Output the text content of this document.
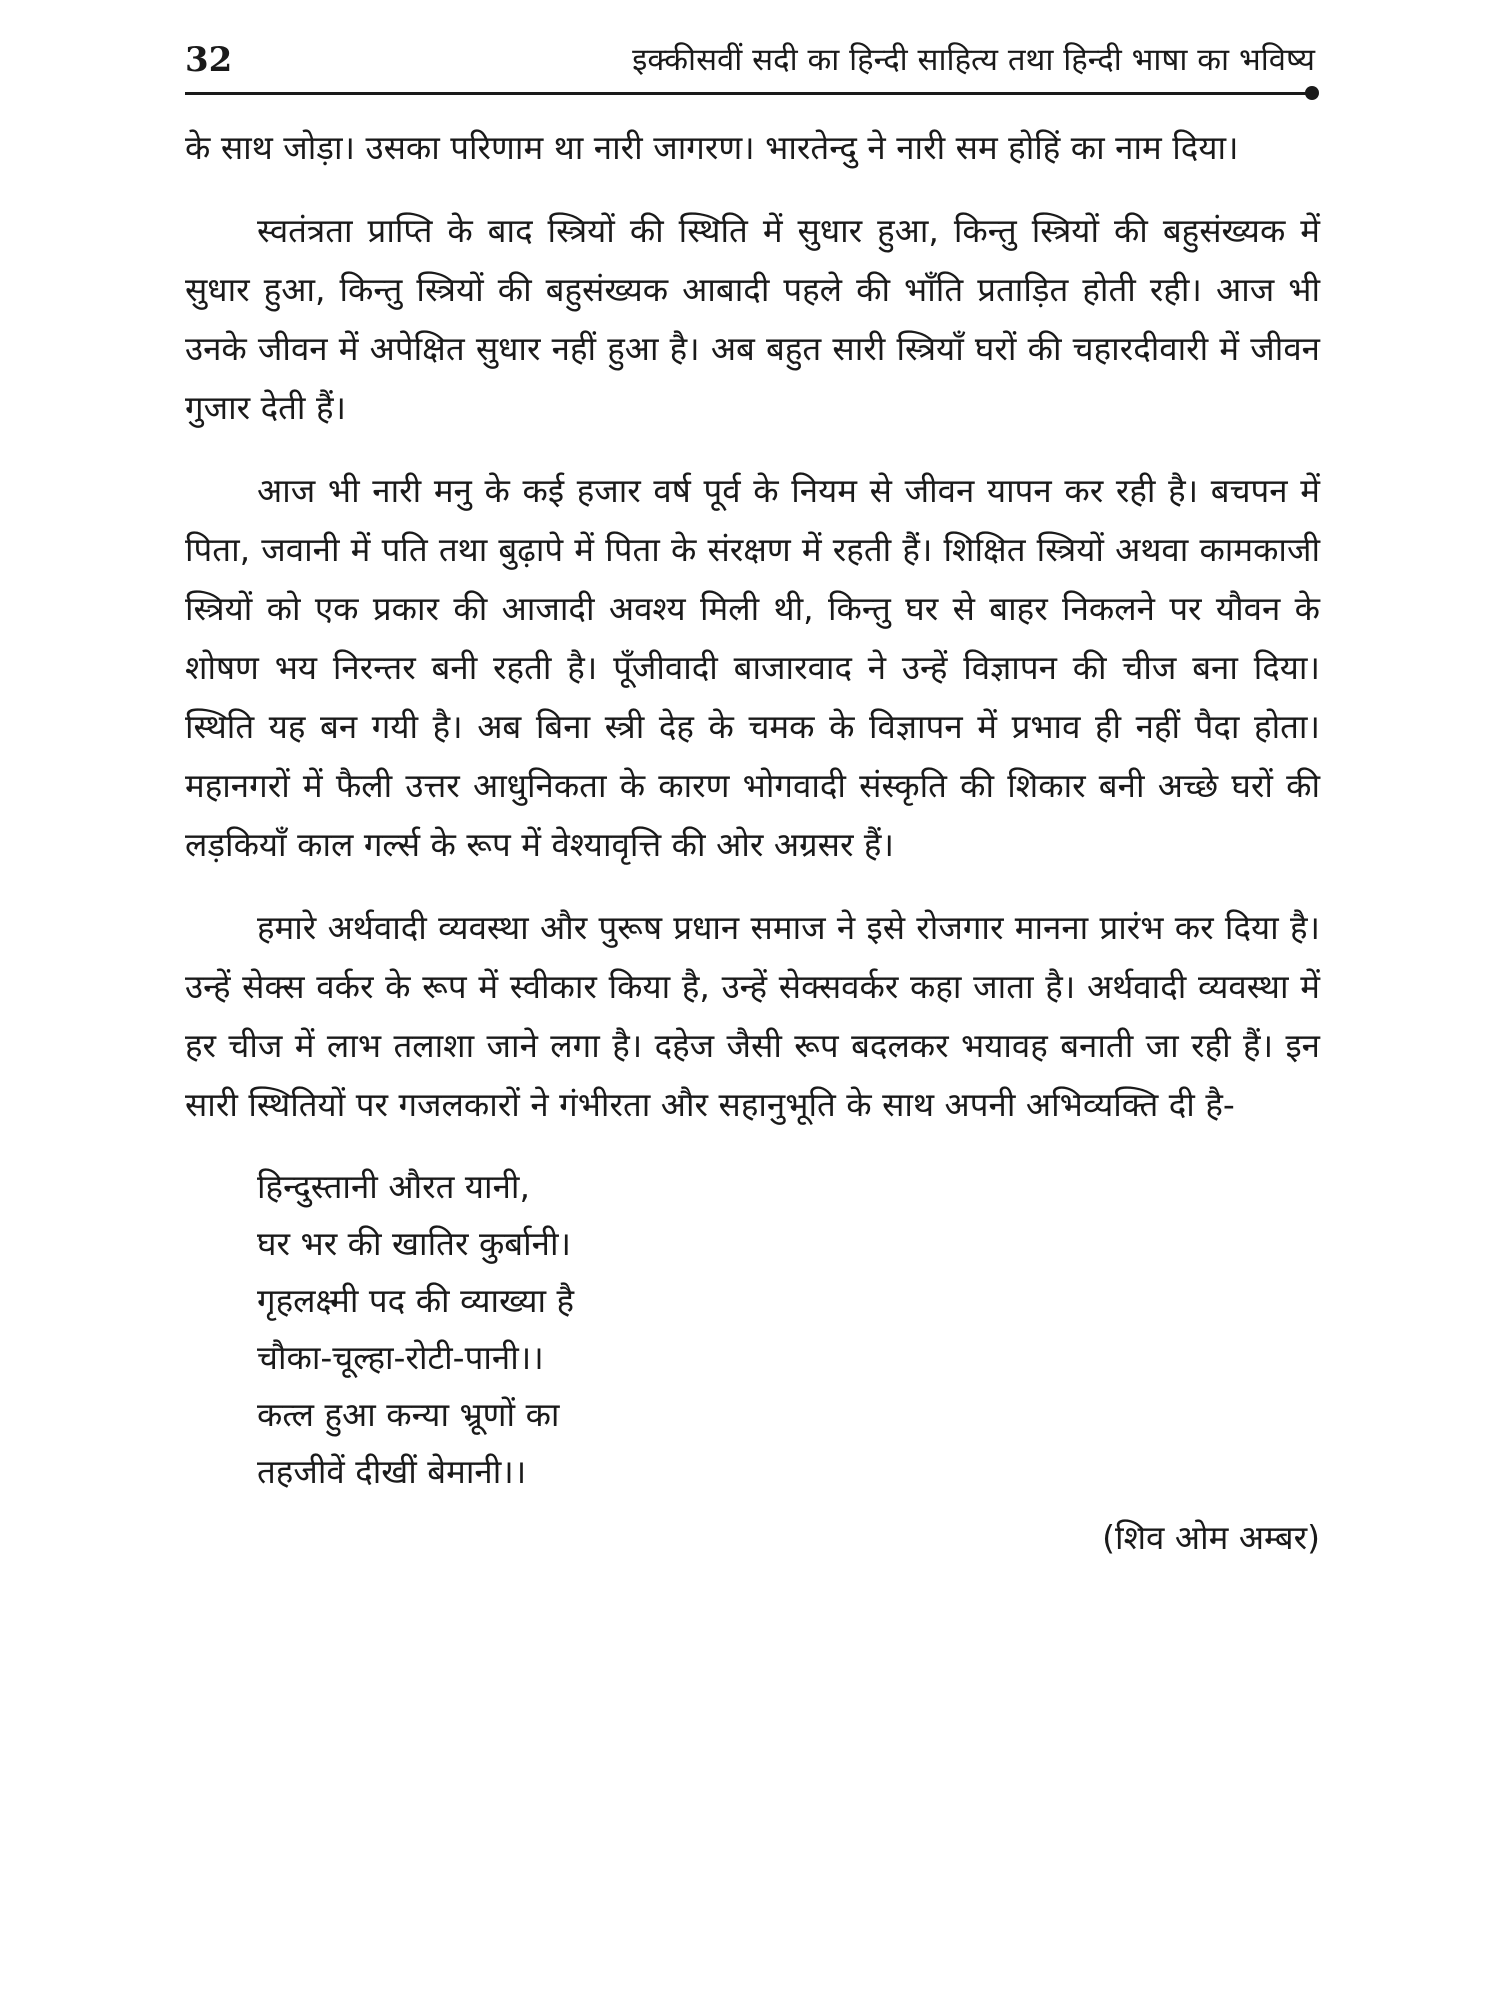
32	इक्कीसवीं सदी का हिन्दी साहित्य तथा हिन्दी भाषा का भविष्य

के साथ जोड़ा। उसका परिणाम था नारी जागरण। भारतेन्दु ने नारी सम होहिं का नाम दिया।

स्वतंत्रता प्राप्ति के बाद स्त्रियों की स्थिति में सुधार हुआ, किन्तु स्त्रियों की बहुसंख्यक में सुधार हुआ, किन्तु स्त्रियों की बहुसंख्यक आबादी पहले की भाँति प्रताड़ित होती रही। आज भी उनके जीवन में अपेक्षित सुधार नहीं हुआ है। अब बहुत सारी स्त्रियाँ घरों की चहारदीवारी में जीवन गुजार देती हैं।

आज भी नारी मनु के कई हजार वर्ष पूर्व के नियम से जीवन यापन कर रही है। बचपन में पिता, जवानी में पति तथा बुढ़ापे में पिता के संरक्षण में रहती हैं। शिक्षित स्त्रियों अथवा कामकाजी स्त्रियों को एक प्रकार की आजादी अवश्य मिली थी, किन्तु घर से बाहर निकलने पर यौवन के शोषण भय निरन्तर बनी रहती है। पूँजीवादी बाजारवाद ने उन्हें विज्ञापन की चीज बना दिया। स्थिति यह बन गयी है। अब बिना स्त्री देह के चमक के विज्ञापन में प्रभाव ही नहीं पैदा होता। महानगरों में फैली उत्तर आधुनिकता के कारण भोगवादी संस्कृति की शिकार बनी अच्छे घरों की लड़कियाँ काल गर्ल्स के रूप में वेश्यावृत्ति की ओर अग्रसर हैं।

हमारे अर्थवादी व्यवस्था और पुरूष प्रधान समाज ने इसे रोजगार मानना प्रारंभ कर दिया है। उन्हें सेक्स वर्कर के रूप में स्वीकार किया है, उन्हें सेक्सवर्कर कहा जाता है। अर्थवादी व्यवस्था में हर चीज में लाभ तलाशा जाने लगा है। दहेज जैसी रूप बदलकर भयावह बनाती जा रही हैं। इन सारी स्थितियों पर गजलकारों ने गंभीरता और सहानुभूति के साथ अपनी अभिव्यक्ति दी है-

हिन्दुस्तानी औरत यानी,
घर भर की खातिर कुर्बानी।
गृहलक्ष्मी पद की व्याख्या है
चौका-चूल्हा-रोटी-पानी।।
कत्ल हुआ कन्या भ्रूणों का
तहजीवें दीखीं बेमानी।।
(शिव ओम अम्बर)
